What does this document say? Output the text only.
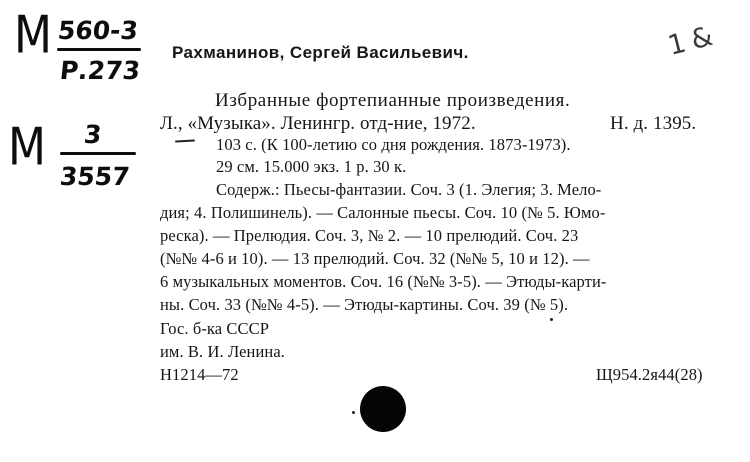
М 560-3
Р.273
М 3
3557
1 &
Рахманинов, Сергей Васильевич.
Избранные фортепианные произведения.
Л., «Музыка». Ленингр. отд-ние, 1972.	Н. д. 1395.
103 с. (К 100-летию со дня рождения. 1873-1973).
29 см. 15.000 экз. 1 р. 30 к.
Содерж.: Пьесы-фантазии. Соч. 3 (1. Элегия; 3. Мело-
дия; 4. Полишинель). — Салонные пьесы. Соч. 10 (№ 5. Юмо-
реска). — Прелюдия. Соч. 3, № 2. — 10 прелюдий. Соч. 23
(№№ 4-6 и 10). — 13 прелюдий. Соч. 32 (№№ 5, 10 и 12). —
6 музыкальных моментов. Соч. 16 (№№ 3-5). — Этюды-карти-
ны. Соч. 33 (№№ 4-5). — Этюды-картины. Соч. 39 (№ 5).
Гос. б-ка СССР
им. В. И. Ленина.
Н1214—72	Щ954.2я44(28)
